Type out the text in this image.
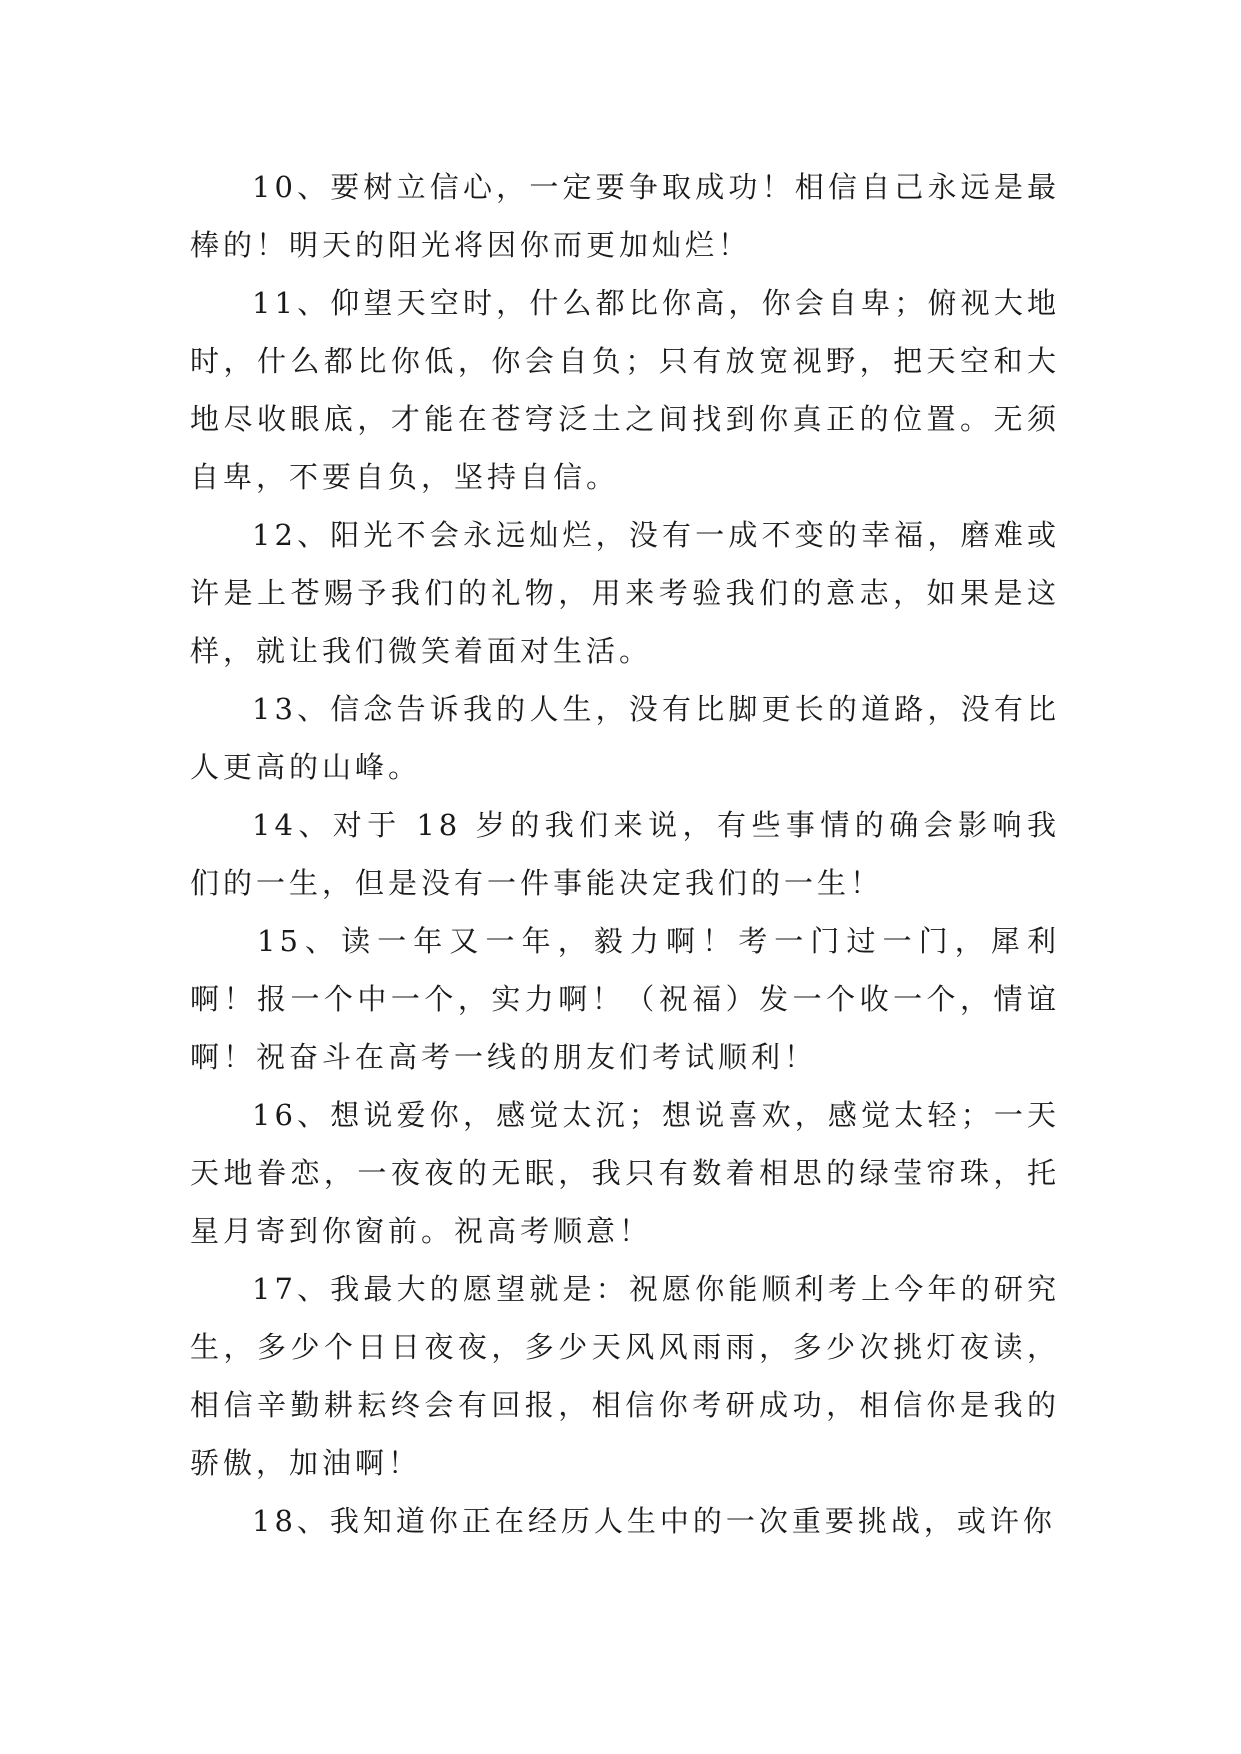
10、要树立信心，一定要争取成功！相信自己永远是最棒的！明天的阳光将因你而更加灿烂！

11、仰望天空时，什么都比你高，你会自卑；俯视大地时，什么都比你低，你会自负；只有放宽视野，把天空和大地尽收眼底，才能在苍穹泛土之间找到你真正的位置。无须自卑，不要自负，坚持自信。

12、阳光不会永远灿烂，没有一成不变的幸福，磨难或许是上苍赐予我们的礼物，用来考验我们的意志，如果是这样，就让我们微笑着面对生活。

13、信念告诉我的人生，没有比脚更长的道路，没有比人更高的山峰。

14、对于 18 岁的我们来说，有些事情的确会影响我们的一生，但是没有一件事能决定我们的一生！

15、读一年又一年，毅力啊！考一门过一门，犀利啊！报一个中一个，实力啊！（祝福）发一个收一个，情谊啊！祝奋斗在高考一线的朋友们考试顺利！

16、想说爱你，感觉太沉；想说喜欢，感觉太轻；一天天地眷恋，一夜夜的无眠，我只有数着相思的绿莹帘珠，托星月寄到你窗前。祝高考顺意！

17、我最大的愿望就是：祝愿你能顺利考上今年的研究生，多少个日日夜夜，多少天风风雨雨，多少次挑灯夜读，相信辛勤耕耘终会有回报，相信你考研成功，相信你是我的骄傲，加油啊！

18、我知道你正在经历人生中的一次重要挑战，或许你
